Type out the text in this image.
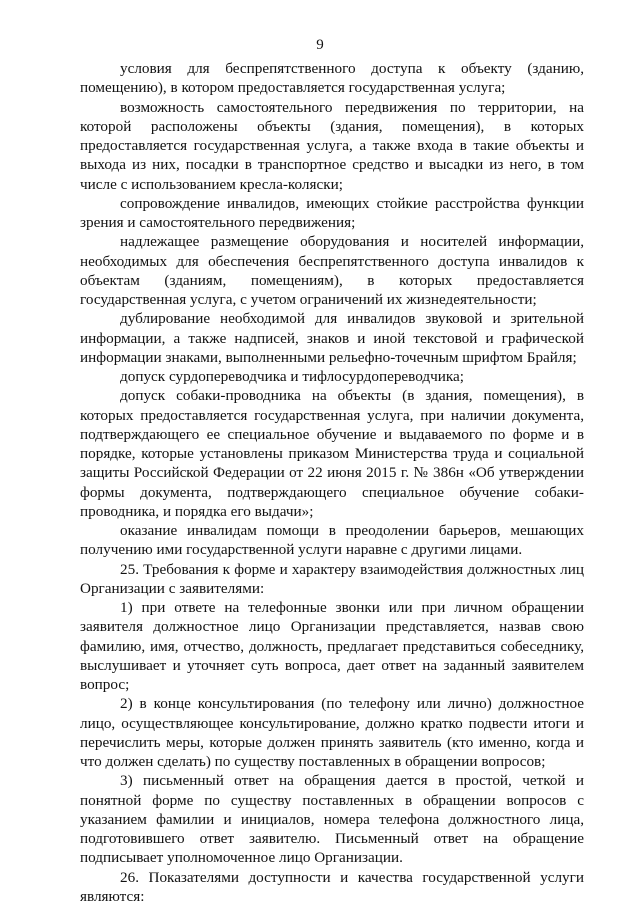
9

условия для беспрепятственного доступа к объекту (зданию, помещению), в котором предоставляется государственная услуга;

возможность самостоятельного передвижения по территории, на которой расположены объекты (здания, помещения), в которых предоставляется государственная услуга, а также входа в такие объекты и выхода из них, посадки в транспортное средство и высадки из него, в том числе с использованием кресла-коляски;

сопровождение инвалидов, имеющих стойкие расстройства функции зрения и самостоятельного передвижения;

надлежащее размещение оборудования и носителей информации, необходимых для обеспечения беспрепятственного доступа инвалидов к объектам (зданиям, помещениям), в которых предоставляется государственная услуга, с учетом ограничений их жизнедеятельности;

дублирование необходимой для инвалидов звуковой и зрительной информации, а также надписей, знаков и иной текстовой и графической информации знаками, выполненными рельефно-точечным шрифтом Брайля;

допуск сурдопереводчика и тифлосурдопереводчика;

допуск собаки-проводника на объекты (в здания, помещения), в которых предоставляется государственная услуга, при наличии документа, подтверждающего ее специальное обучение и выдаваемого по форме и в порядке, которые установлены приказом Министерства труда и социальной защиты Российской Федерации от 22 июня 2015 г. № 386н «Об утверждении формы документа, подтверждающего специальное обучение собаки-проводника, и порядка его выдачи»;

оказание инвалидам помощи в преодолении барьеров, мешающих получению ими государственной услуги наравне с другими лицами.

25. Требования к форме и характеру взаимодействия должностных лиц Организации с заявителями:

1) при ответе на телефонные звонки или при личном обращении заявителя должностное лицо Организации представляется, назвав свою фамилию, имя, отчество, должность, предлагает представиться собеседнику, выслушивает и уточняет суть вопроса, дает ответ на заданный заявителем вопрос;

2) в конце консультирования (по телефону или лично) должностное лицо, осуществляющее консультирование, должно кратко подвести итоги и перечислить меры, которые должен принять заявитель (кто именно, когда и что должен сделать) по существу поставленных в обращении вопросов;

3) письменный ответ на обращения дается в простой, четкой и понятной форме по существу поставленных в обращении вопросов с указанием фамилии и инициалов, номера телефона должностного лица, подготовившего ответ заявителю. Письменный ответ на обращение подписывает уполномоченное лицо Организации.

26. Показателями доступности и качества государственной услуги являются:
